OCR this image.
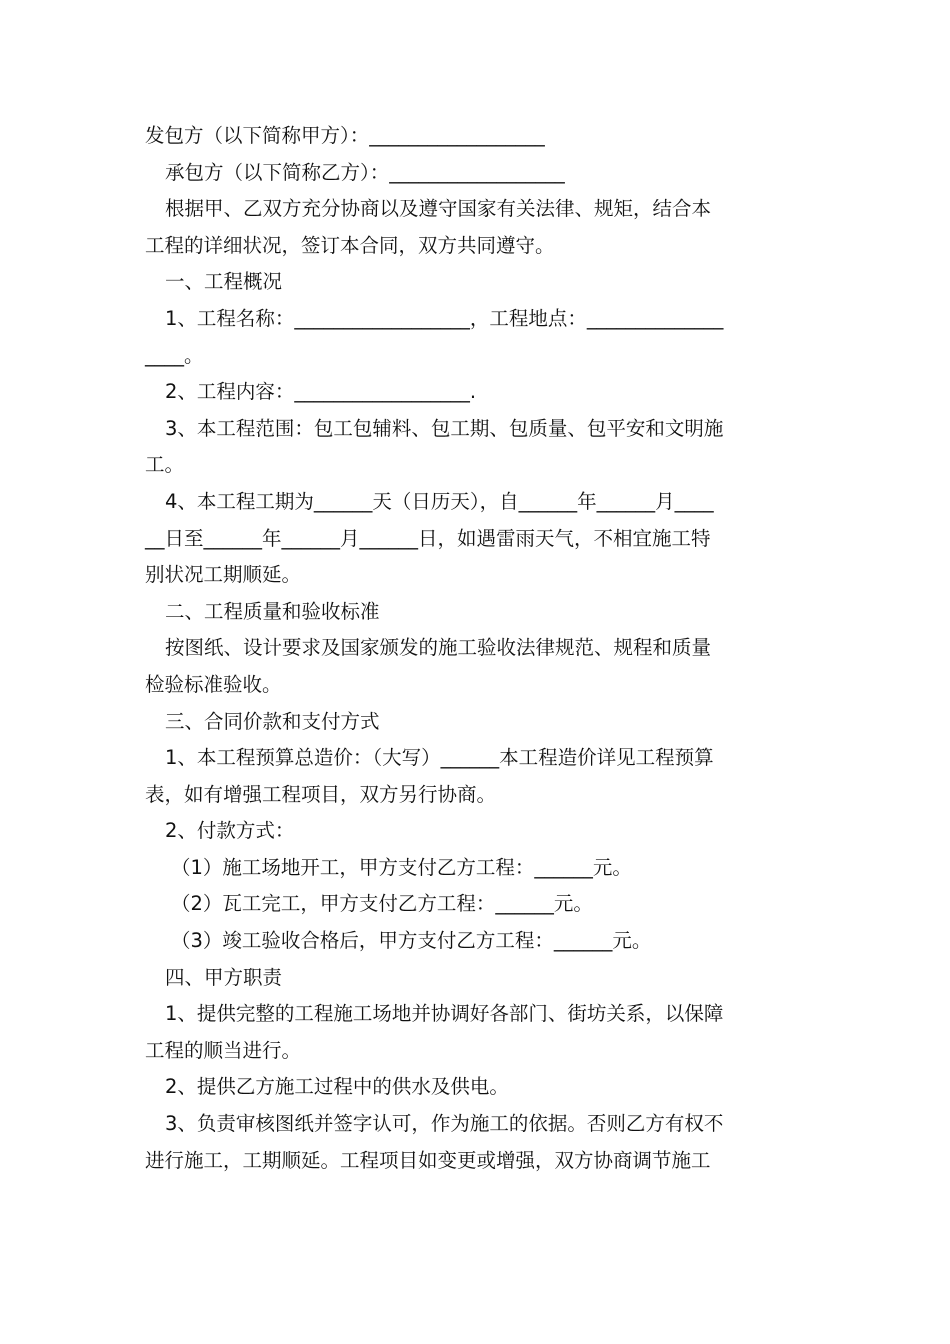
发包方（以下简称甲方）：__________________
承包方（以下简称乙方）：__________________
根据甲、乙双方充分协商以及遵守国家有关法律、规矩，结合本
工程的详细状况，签订本合同，双方共同遵守。
一、工程概况
1、工程名称：__________________，工程地点：______________
____。
2、工程内容：__________________.
3、本工程范围：包工包辅料、包工期、包质量、包平安和文明施
工。
4、本工程工期为______天（日历天），自______年______月____
__日至______年______月______日，如遇雷雨天气，不相宜施工特
别状况工期顺延。
二、工程质量和验收标准
按图纸、设计要求及国家颁发的施工验收法律规范、规程和质量
检验标准验收。
三、合同价款和支付方式
1、本工程预算总造价：（大写）______本工程造价详见工程预算
表，如有增强工程项目，双方另行协商。
2、付款方式：
（1）施工场地开工，甲方支付乙方工程：______元。
（2）瓦工完工，甲方支付乙方工程：______元。
（3）竣工验收合格后，甲方支付乙方工程：______元。
四、甲方职责
1、提供完整的工程施工场地并协调好各部门、街坊关系，以保障
工程的顺当进行。
2、提供乙方施工过程中的供水及供电。
3、负责审核图纸并签字认可，作为施工的依据。否则乙方有权不
进行施工，工期顺延。工程项目如变更或增强，双方协商调节施工
